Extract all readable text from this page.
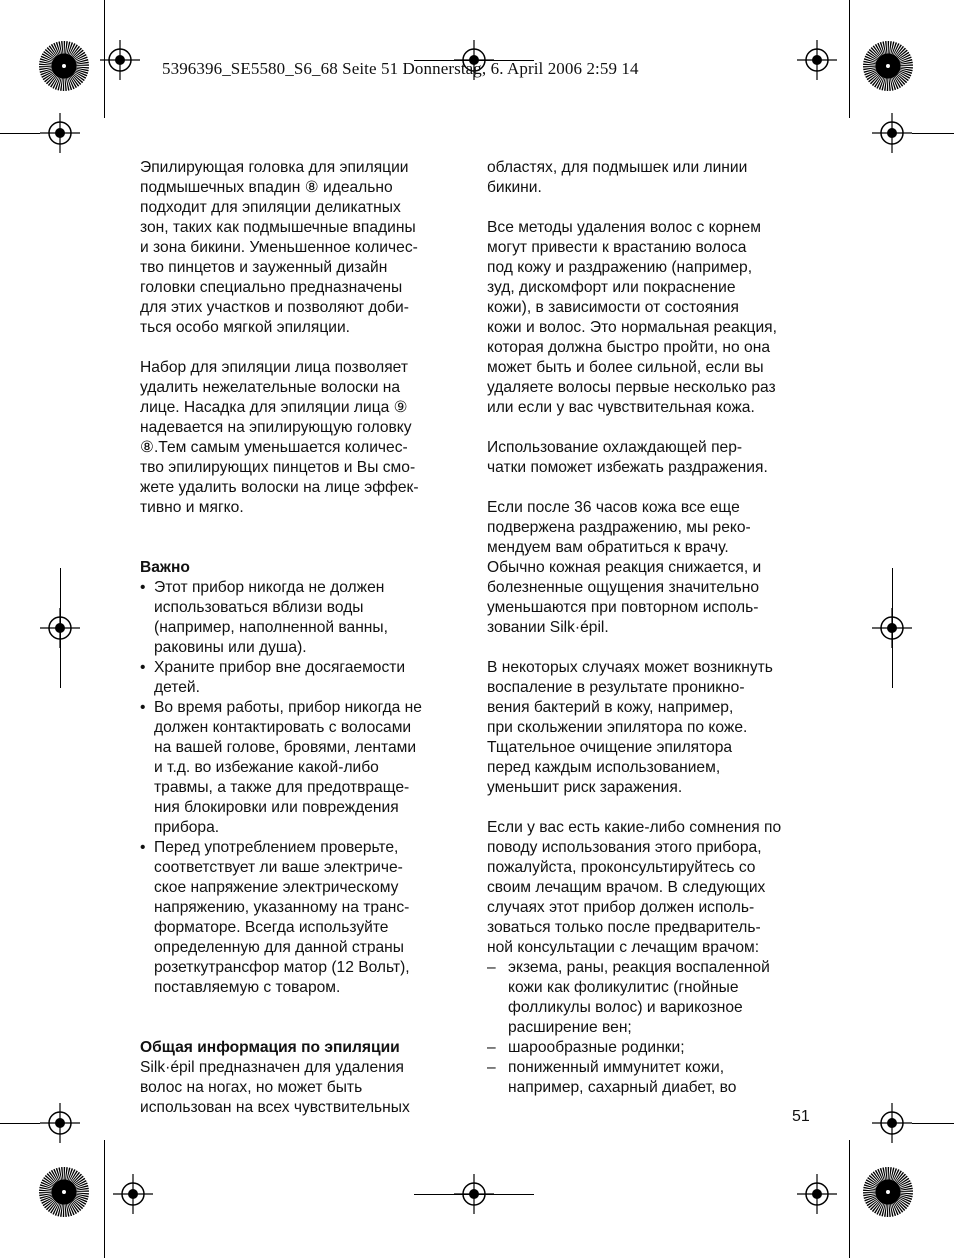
5396396_SE5580_S6_68 Seite 51 Donnerstag, 6. April 2006 2:59 14

Эпилирующая головка для эпиляции
подмышечных впадин ⑧ идеально
подходит для эпиляции деликатных
зон, таких как подмышечные впадины
и зона бикини. Уменьшенное количес-
тво пинцетов и зауженный дизайн
головки специально предназначены
для этих участков и позволяют доби-
ться особо мягкой эпиляции.

Набор для эпиляции лица позволяет
удалить нежелательные волоски на
лице. Насадка для эпиляции лица ⑨
надевается на эпилирующую головку
⑧.Тем самым уменьшается количес-
тво эпилирующих пинцетов и Вы смо-
жете удалить волоски на лице эффек-
тивно и мягко.

Важно
• Этот прибор никогда не должен
использоваться вблизи воды
(например, наполненной ванны,
раковины или душа).
• Храните прибор вне досягаемости
детей.
• Во время работы, прибор никогда не
должен контактировать с волосами
на вашей голове, бровями, лентами
и т.д. во избежание какой-либо
травмы, а также для предотвраще-
ния блокировки или повреждения
прибора.
• Перед употреблением проверьте,
соответствует ли ваше электриче-
ское напряжение электрическому
напряжению, указанному на транс-
форматоре. Всегда используйте
определенную для данной страны
розеткутрансфор матор (12 Вольт),
поставляемую с товаром.
Общая информация по эпиляции

Silk·épil предназначен для удаления
волос на ногах, но может быть
использован на всех чувствительных

областях, для подмышек или линии
бикини.

Все методы удаления волос с корнем
могут привести к врастанию волоса
под кожу и раздражению (например,
зуд, дискомфорт или покраснение
кожи), в зависимости от состояния
кожи и волос. Это нормальная реакция,
которая должна быстро пройти, но она
может быть и более сильной, если вы
удаляете волосы первые несколько раз
или если у вас чувствительная кожа.

Использование охлаждающей пер-
чатки поможет избежать раздражения.

Если после 36 часов кожа все еще
подвержена раздражению, мы реко-
мендуем вам обратиться к врачу.
Обычно кожная реакция снижается, и
болезненные ощущения значительно
уменьшаются при повторном исполь-
зовании Silk·épil.

В некоторых случаях может возникнуть
воспаление в результате проникно-
вения бактерий в кожу, например,
при скольжении эпилятора по коже.
Тщательное очищение эпилятора
перед каждым использованием,
уменьшит риск заражения.

Если у вас есть какие-либо сомнения по
поводу использования этого прибора,
пожалуйста, проконсультируйтесь со
своим лечащим врачом. В следующих
случаях этот прибор должен исполь-
зоваться только после предваритель-
ной консультации с лечащим врачом:

– экзема, раны, реакция воспаленной
кожи как фоликулитис (гнойные
фолликулы волос) и варикозное
расширение вен;
– шарообразные родинки;
– пониженный иммунитет кожи,
например, сахарный диабет, во
51
